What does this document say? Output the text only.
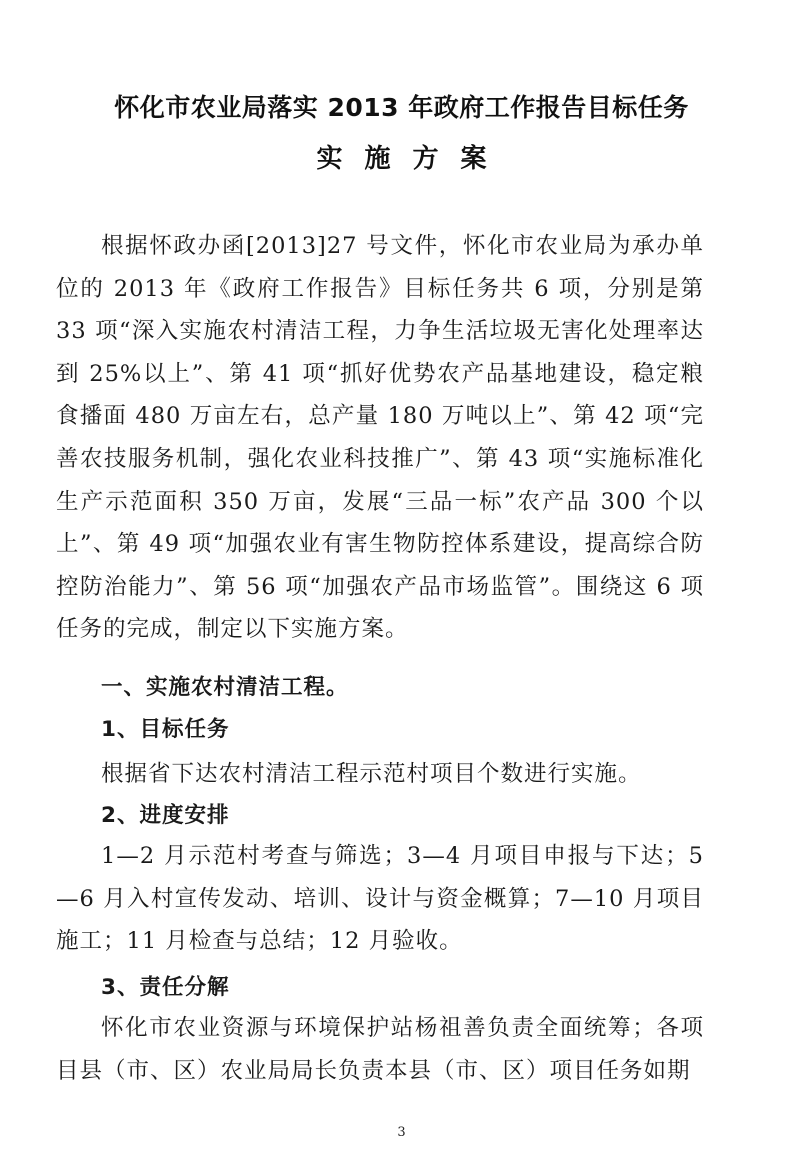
怀化市农业局落实 2013 年政府工作报告目标任务
实施方案

根据怀政办函[2013]27 号文件，怀化市农业局为承办单位的 2013 年《政府工作报告》目标任务共 6 项，分别是第 33 项“深入实施农村清洁工程，力争生活垃圾无害化处理率达到 25%以上”、第 41 项“抓好优势农产品基地建设，稳定粮食播面 480 万亩左右，总产量 180 万吨以上”、第 42 项“完善农技服务机制，强化农业科技推广”、第 43 项“实施标准化生产示范面积 350 万亩，发展“三品一标”农产品 300 个以上”、第 49 项“加强农业有害生物防控体系建设，提高综合防控防治能力”、第 56 项“加强农产品市场监管”。围绕这 6 项任务的完成，制定以下实施方案。

一、实施农村清洁工程。
1、目标任务
根据省下达农村清洁工程示范村项目个数进行实施。
2、进度安排

1—2 月示范村考查与筛选；3—4 月项目申报与下达；5—6 月入村宣传发动、培训、设计与资金概算；7—10 月项目施工；11 月检查与总结；12 月验收。

3、责任分解

怀化市农业资源与环境保护站杨祖善负责全面统筹；各项目县（市、区）农业局局长负责本县（市、区）项目任务如期

3
